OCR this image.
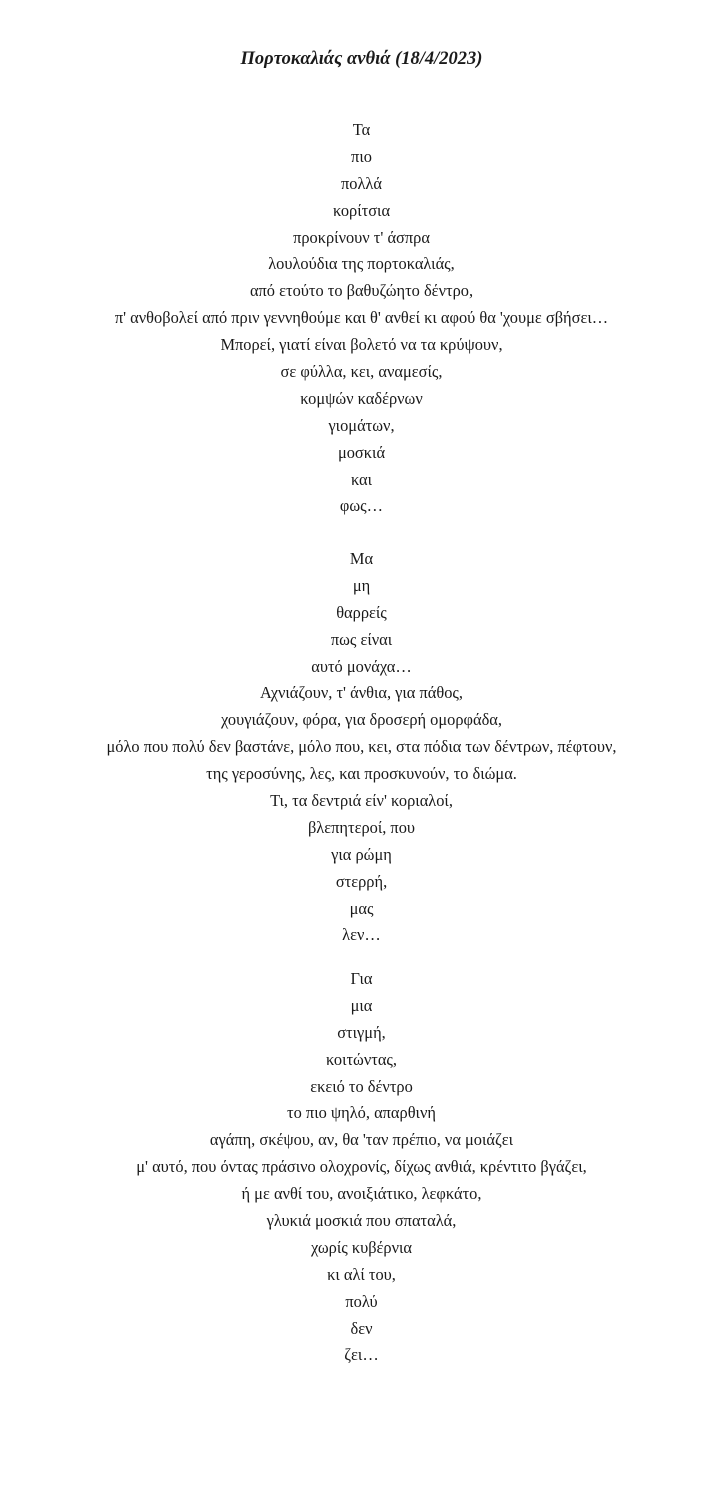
Πορτοκαλιάς ανθιά (18/4/2023)
Τα
πιο
πολλά
κορίτσια
προκρίνουν τ' άσπρα
λουλούδια της πορτοκαλιάς,
από ετούτο το βαθυζώητο δέντρο,
π' ανθοβολεί από πριν γεννηθούμε και θ' ανθεί κι αφού θα 'χουμε σβήσει…
Μπορεί, γιατί είναι βολετό να τα κρύψουν,
σε φύλλα, κει, αναμεσίς,
κομψών καδέρνων
γιομάτων,
μοσκιά
και
φως…
Μα
μη
θαρρείς
πως είναι
αυτό μονάχα…
Αχνιάζουν, τ' άνθια, για πάθος,
χουγιάζουν, φόρα, για δροσερή ομορφάδα,
μόλο που πολύ δεν βαστάνε, μόλο που, κει, στα πόδια των δέντρων, πέφτουν,
της γεροσύνης, λες, και προσκυνούν, το διώμα.
Τι, τα δεντριά είν' κοριαλοί,
βλεπητεροί, που
για ρώμη
στερρή,
μας
λεν…
Για
μια
στιγμή,
κοιτώντας,
εκειό το δέντρο
το πιο ψηλό, απαρθινή
αγάπη, σκέψου, αν, θα 'ταν πρέπιο, να μοιάζει
μ' αυτό, που όντας πράσινο ολοχρονίς, δίχως ανθιά, κρέντιτο βγάζει,
ή με ανθί του, ανοιξιάτικο, λεφκάτο,
γλυκιά μοσκιά που σπαταλά,
χωρίς κυβέρνια
κι αλί του,
πολύ
δεν
ζει…
